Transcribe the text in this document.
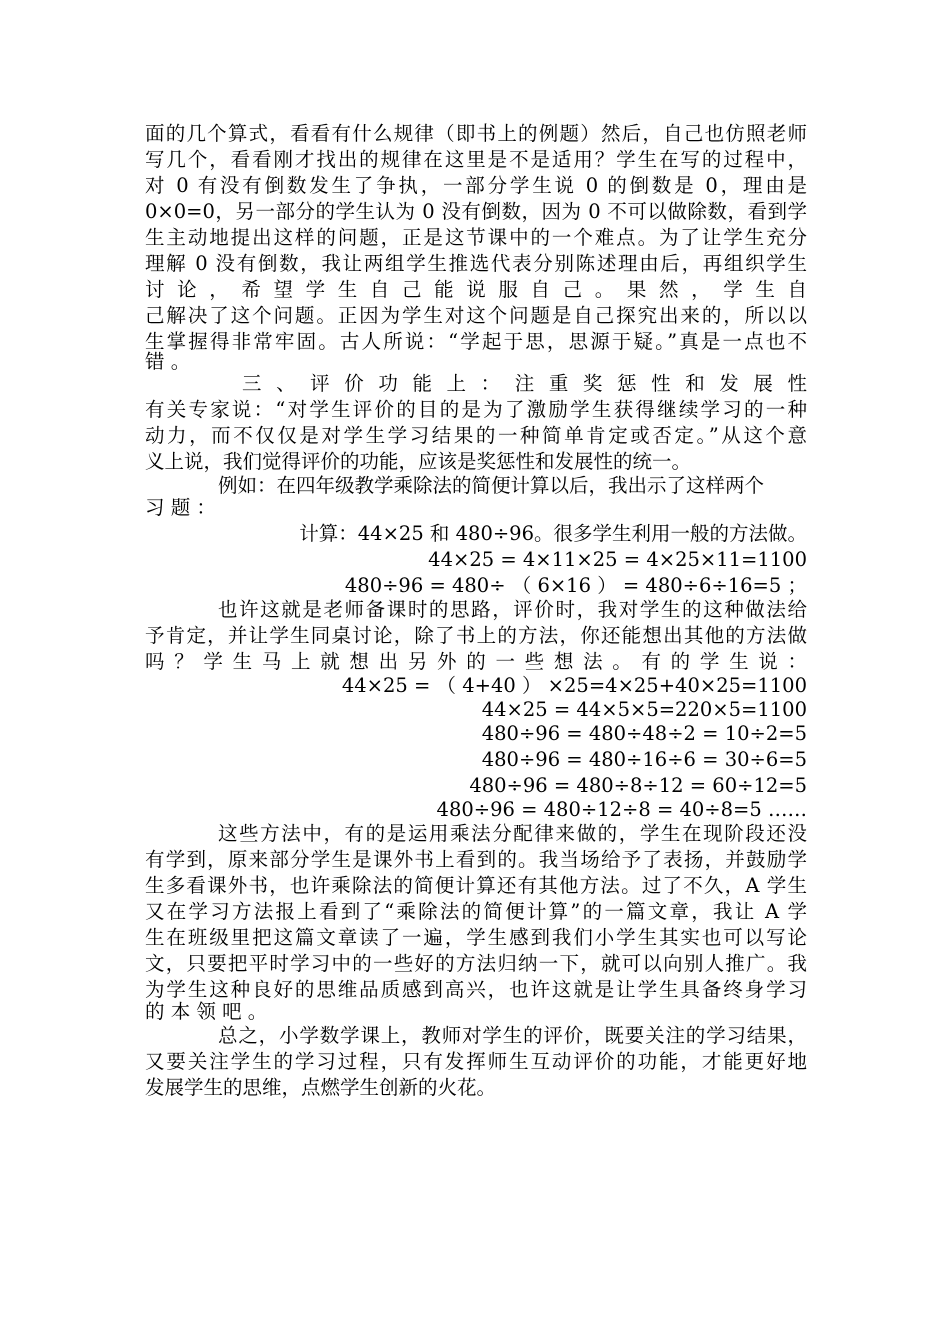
面的几个算式，看看有什么规律（即书上的例题）然后，自己也仿照老师
写几个，看看刚才找出的规律在这里是不是适用？学生在写的过程中，
对 0 有没有倒数发生了争执，一部分学生说 0 的倒数是 0，理由是
0×0=0，另一部分的学生认为 0 没有倒数，因为 0 不可以做除数，看到学
生主动地提出这样的问题，正是这节课中的一个难点。为了让学生充分
理解 0 没有倒数，我让两组学生推选代表分别陈述理由后，再组织学生
讨 论 ， 希 望 学 生 自 己 能 说 服 自 己 。 果 然 ， 学 生 自
己解决了这个问题。正因为学生对这个问题是自己探究出来的，所以以
生掌握得非常牢固。古人所说：“学起于思，思源于疑。”真是一点也不
错 。
三 、 评 价 功 能 上 ： 注 重 奖 惩 性 和 发 展 性
有关专家说：“对学生评价的目的是为了激励学生获得继续学习的一种
动力，而不仅仅是对学生学习结果的一种简单肯定或否定。”从这个意
义上说，我们觉得评价的功能，应该是奖惩性和发展性的统一。
例如：在四年级教学乘除法的简便计算以后，我出示了这样两个
习 题 ：
计算：44×25 和 480÷96。很多学生利用一般的方法做。
44×25 = 4×11×25 = 4×25×11=1100
480÷96 = 480÷ （ 6×16 ） = 480÷6÷16=5 ；
也许这就是老师备课时的思路，评价时，我对学生的这种做法给
予肯定，并让学生同桌讨论，除了书上的方法，你还能想出其他的方法做
吗 ？ 学 生 马 上 就 想 出 另 外 的 一 些 想 法 。 有 的 学 生 说 ：
44×25 = （ 4+40 ） ×25=4×25+40×25=1100
44×25 = 44×5×5=220×5=1100
480÷96 = 480÷48÷2 = 10÷2=5
480÷96 = 480÷16÷6 = 30÷6=5
480÷96 = 480÷8÷12 = 60÷12=5
480÷96 = 480÷12÷8 = 40÷8=5 ……
这些方法中，有的是运用乘法分配律来做的，学生在现阶段还没
有学到，原来部分学生是课外书上看到的。我当场给予了表扬，并鼓励学
生多看课外书，也许乘除法的简便计算还有其他方法。过了不久，A 学生
又在学习方法报上看到了“乘除法的简便计算”的一篇文章，我让 A 学
生在班级里把这篇文章读了一遍，学生感到我们小学生其实也可以写论
文，只要把平时学习中的一些好的方法归纳一下，就可以向别人推广。我
为学生这种良好的思维品质感到高兴，也许这就是让学生具备终身学习
的 本 领 吧 。
总之，小学数学课上，教师对学生的评价，既要关注的学习结果，
又要关注学生的学习过程，只有发挥师生互动评价的功能，才能更好地
发展学生的思维，点燃学生创新的火花。
